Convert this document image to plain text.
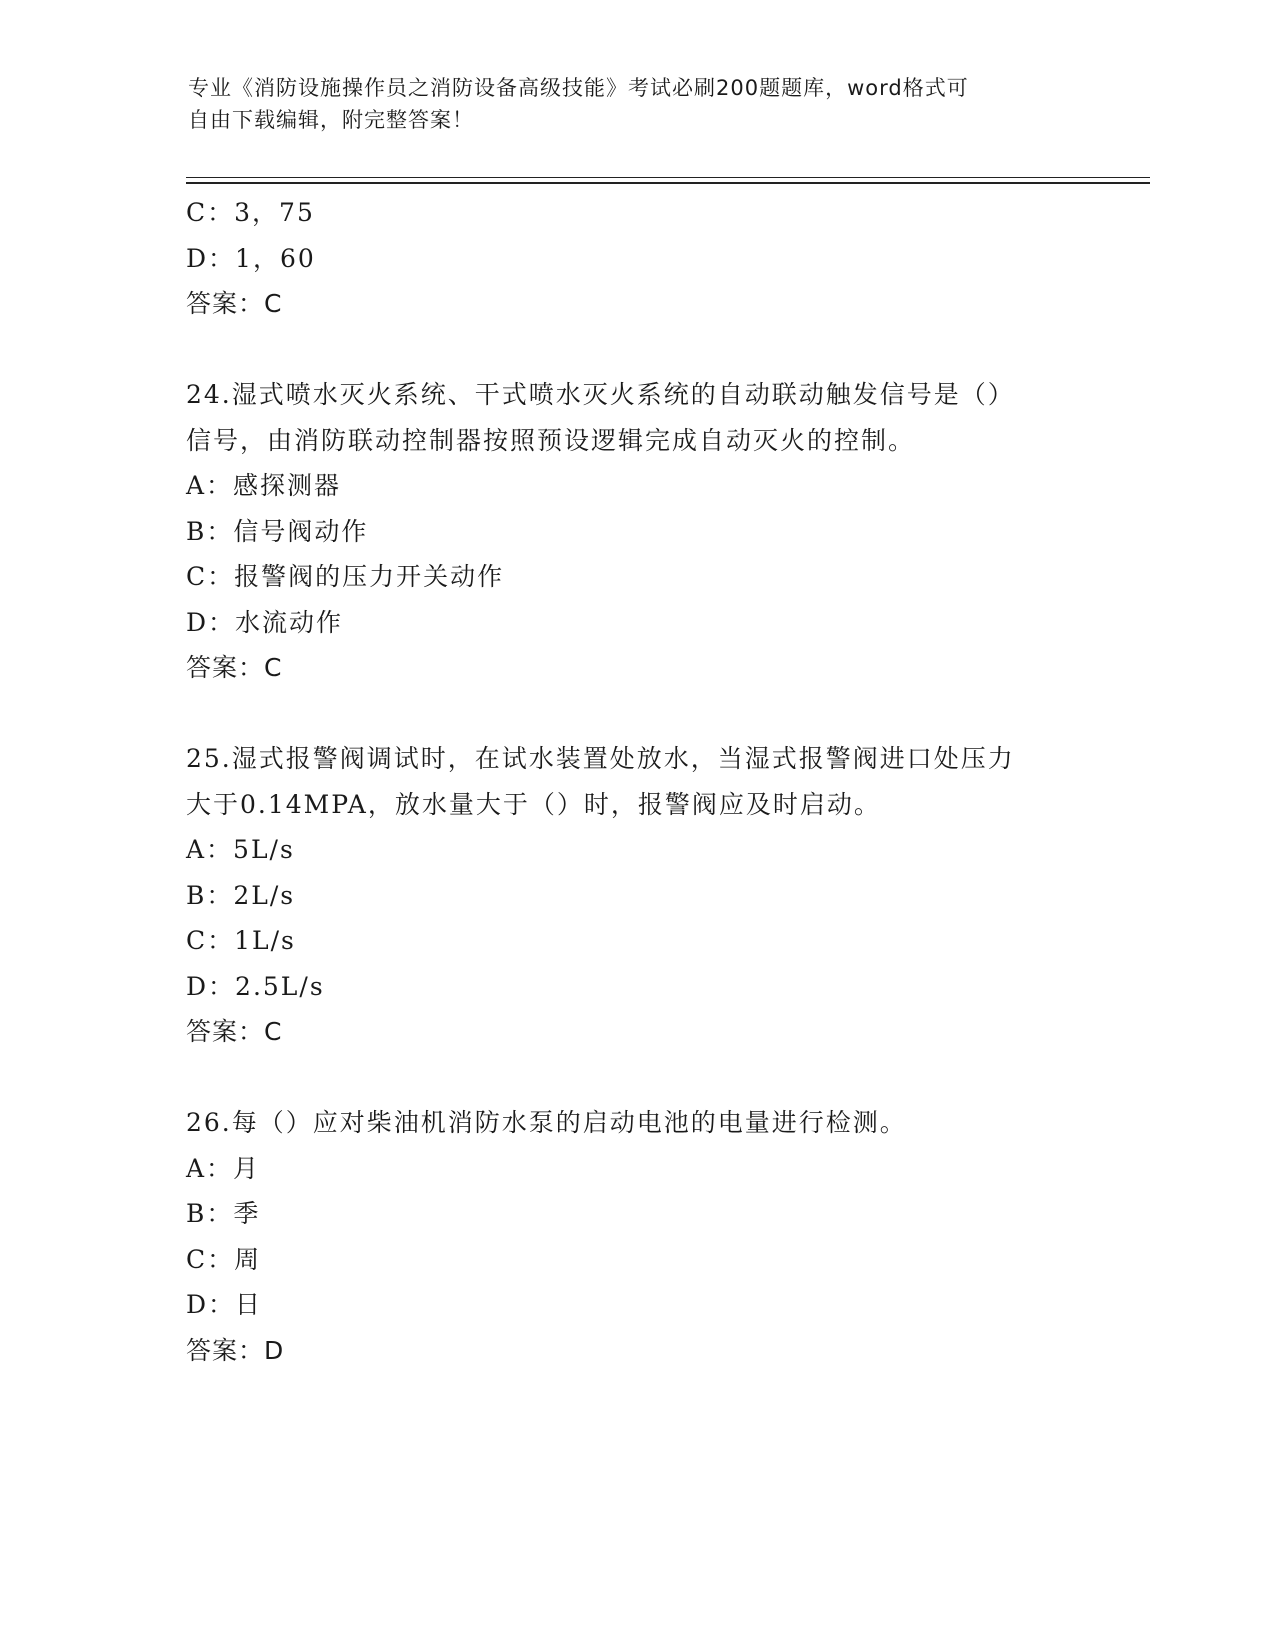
专业《消防设施操作员之消防设备高级技能》考试必刷200题题库，word格式可
自由下载编辑，附完整答案！
C：3，75
D：1，60
答案：C
24.湿式喷水灭火系统、干式喷水灭火系统的自动联动触发信号是（）
信号，由消防联动控制器按照预设逻辑完成自动灭火的控制。
A：感探测器
B：信号阀动作
C：报警阀的压力开关动作
D：水流动作
答案：C
25.湿式报警阀调试时，在试水装置处放水，当湿式报警阀进口处压力
大于0.14MPA，放水量大于（）时，报警阀应及时启动。
A：5L/s
B：2L/s
C：1L/s
D：2.5L/s
答案：C
26.每（）应对柴油机消防水泵的启动电池的电量进行检测。
A：月
B：季
C：周
D：日
答案：D
